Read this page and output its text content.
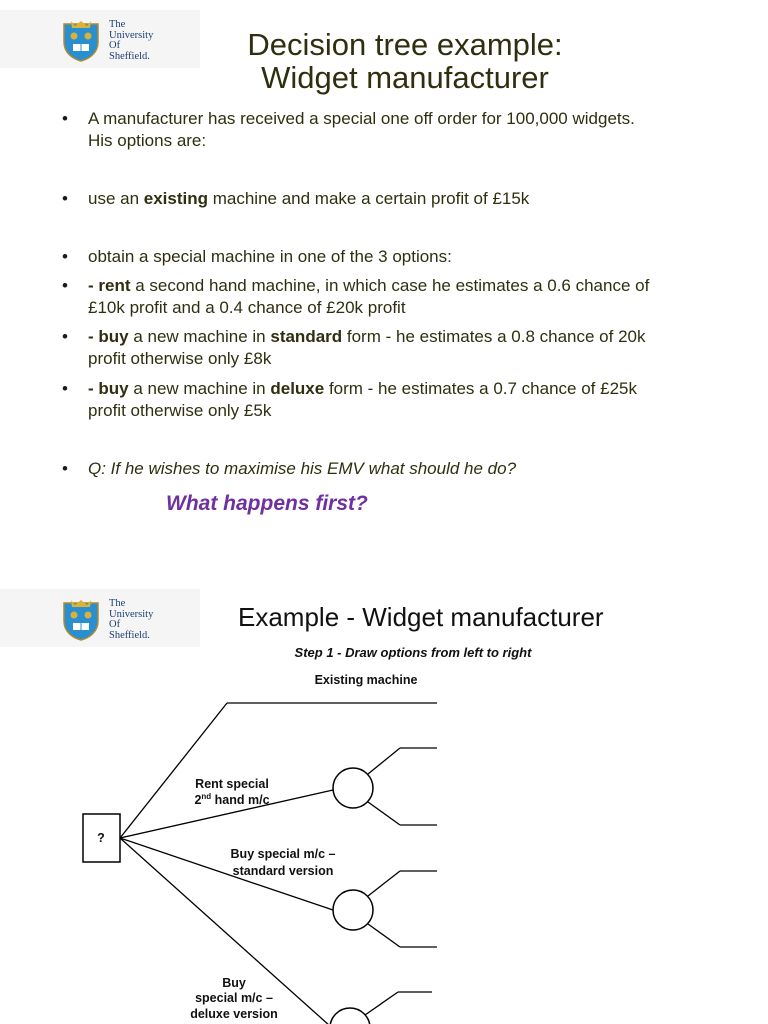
The
University
Of
Sheffield.	Decision tree example:
Widget manufacturer
• A manufacturer has received a special one off order for 100,000 widgets.
His options are:
• use an existing machine and make a certain profit of £15k
• obtain a special machine in one of the 3 options:
• - rent a second hand machine, in which case he estimates a 0.6 chance of
£10k profit and a 0.4 chance of £20k profit
• - buy a new machine in standard form - he estimates a 0.8 chance of 20k
profit otherwise only £8k
• - buy a new machine in deluxe form - he estimates a 0.7 chance of £25k
profit otherwise only £5k
• Q: If he wishes to maximise his EMV what should he do?
What happens first?
The
University
Of
Sheffield.
Example - Widget manufacturer
Step 1 - Draw options from left to right
?
Existing machine
Rent special
2nd hand m/c
Buy special m/c –
standard version
Buy
special m/c –
deluxe version
